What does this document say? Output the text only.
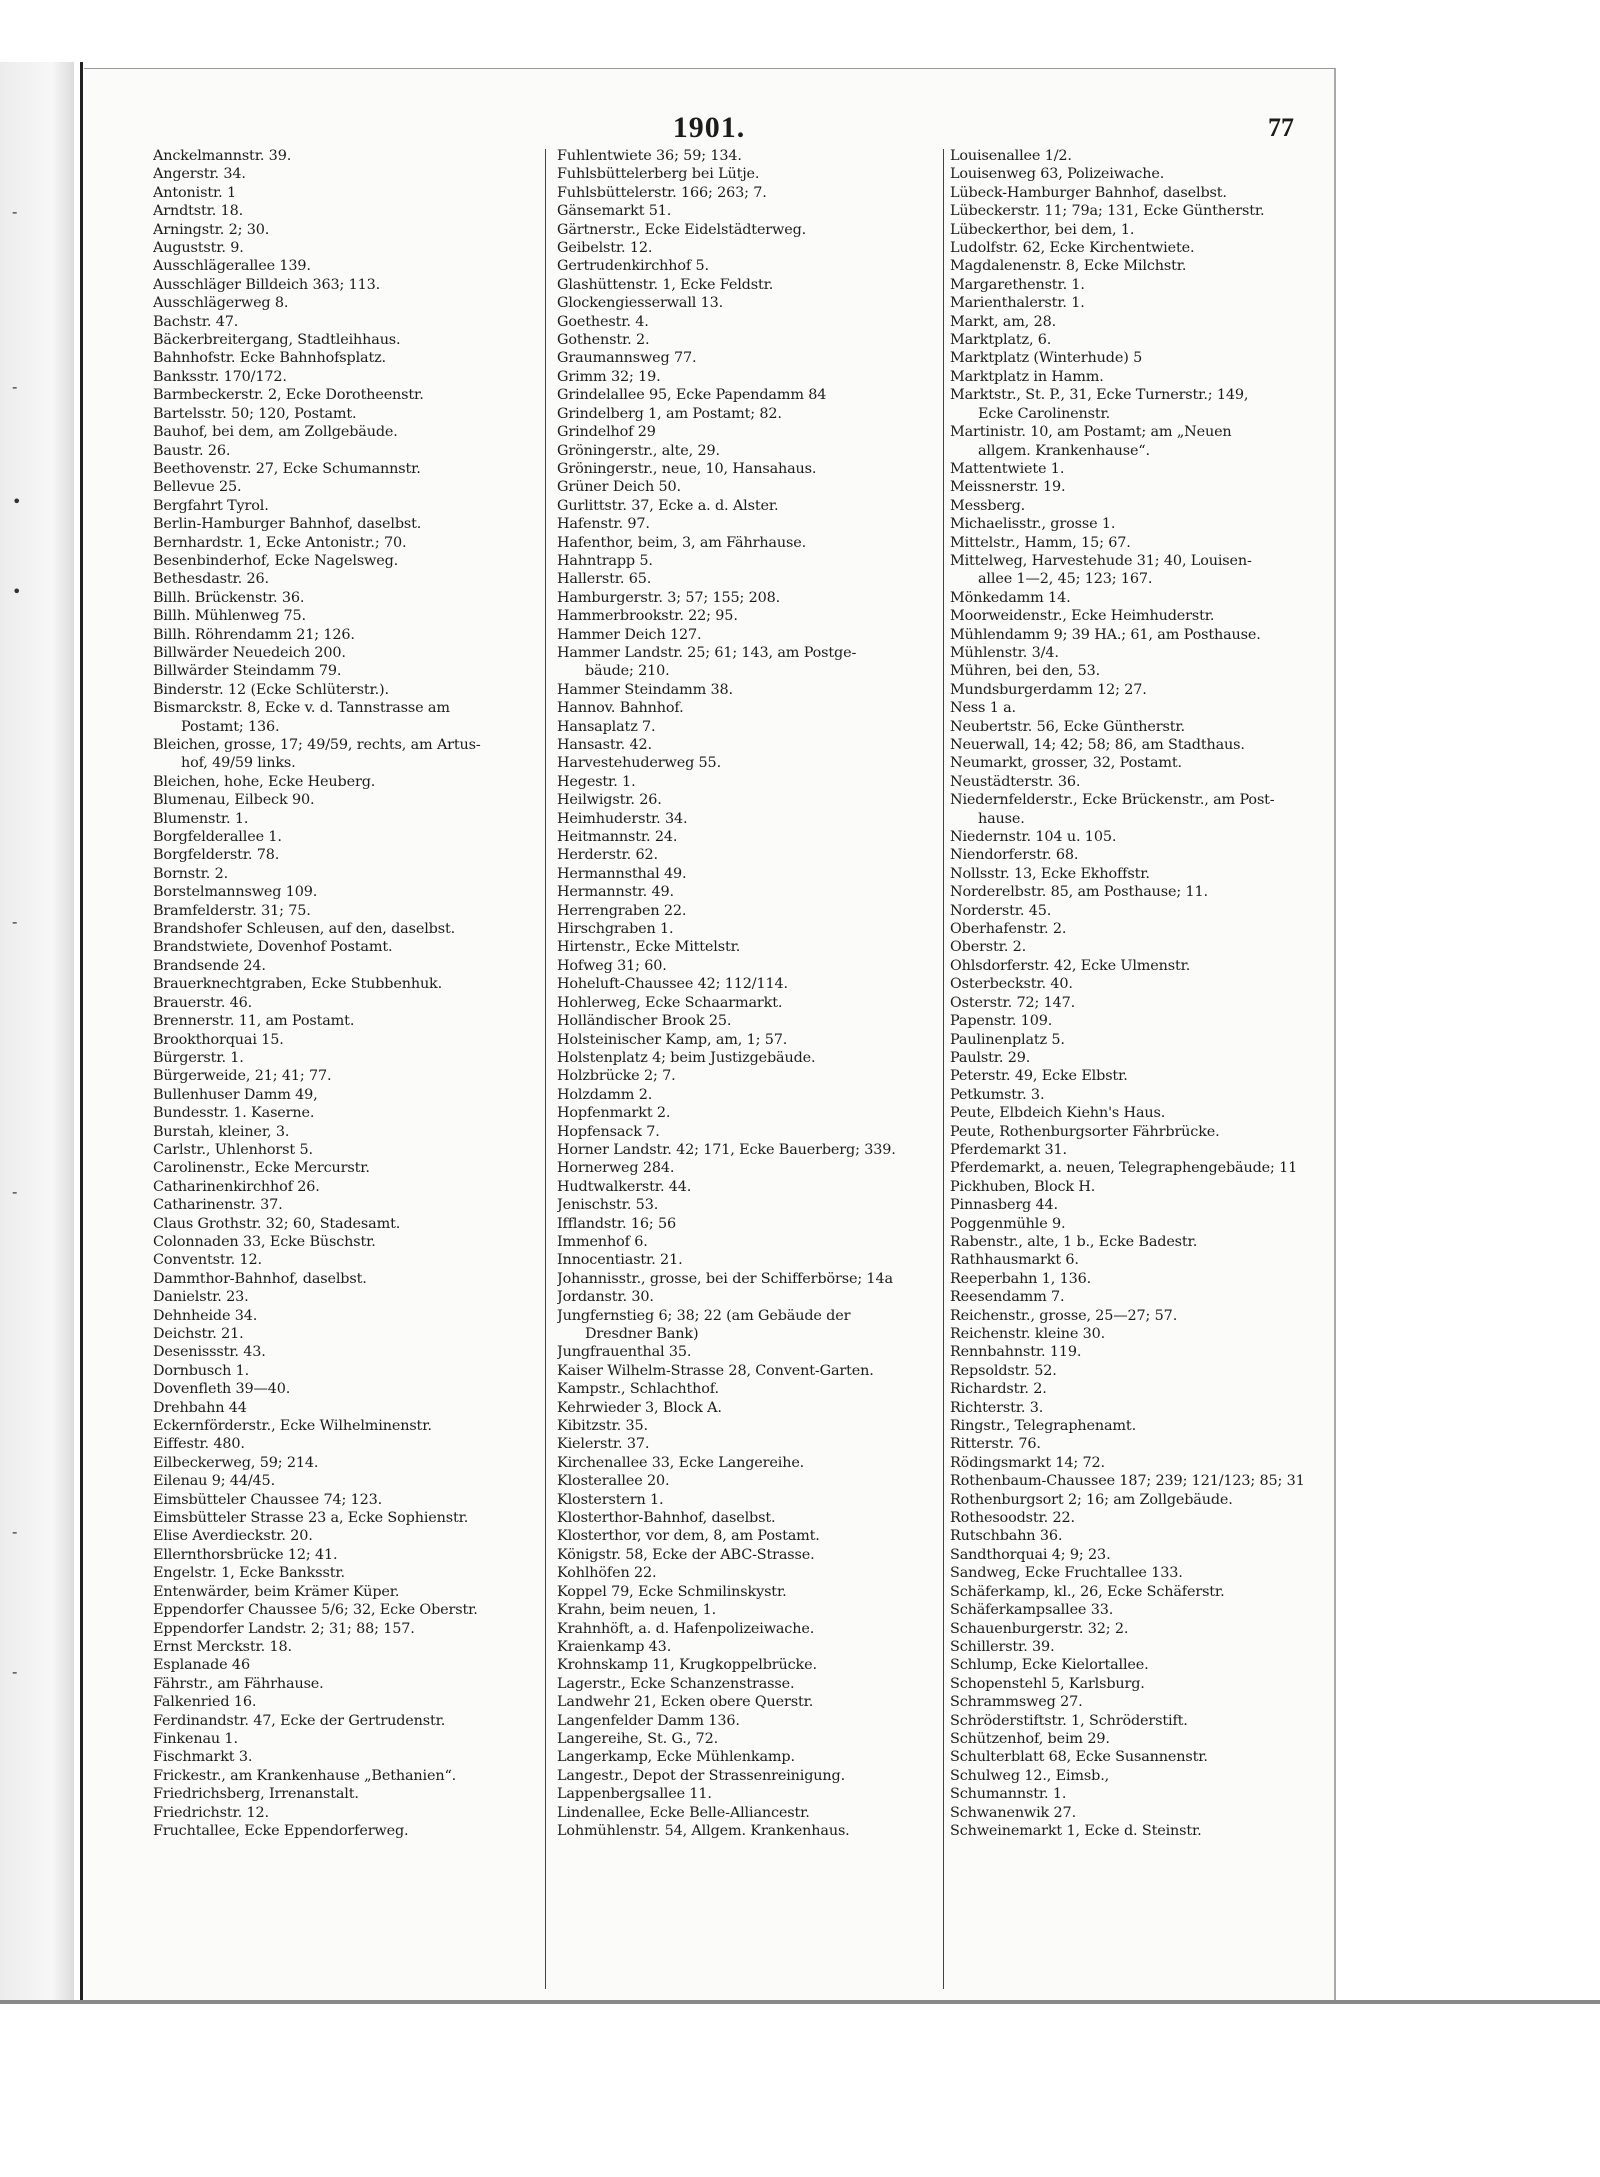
-
-
•
•
-
-
-
-
1901.	77
Anckelmannstr. 39.
Angerstr. 34.
Antonistr. 1
Arndtstr. 18.
Arningstr. 2; 30.
Auguststr. 9.
Ausschlägerallee 139.
Ausschläger Billdeich 363; 113.
Ausschlägerweg 8.
Bachstr. 47.
Bäckerbreitergang, Stadtleihhaus.
Bahnhofstr. Ecke Bahnhofsplatz.
Banksstr. 170/172.
Barmbeckerstr. 2, Ecke Dorotheenstr.
Bartelsstr. 50; 120, Postamt.
Bauhof, bei dem, am Zollgebäude.
Baustr. 26.
Beethovenstr. 27, Ecke Schumannstr.
Bellevue 25.
Bergfahrt Tyrol.
Berlin-Hamburger Bahnhof, daselbst.
Bernhardstr. 1, Ecke Antonistr.; 70.
Besenbinderhof, Ecke Nagelsweg.
Bethesdastr. 26.
Billh. Brückenstr. 36.
Billh. Mühlenweg 75.
Billh. Röhrendamm 21; 126.
Billwärder Neuedeich 200.
Billwärder Steindamm 79.
Binderstr. 12 (Ecke Schlüterstr.).
Bismarckstr. 8, Ecke v. d. Tannstrasse am
Postamt; 136.
Bleichen, grosse, 17; 49/59, rechts, am Artus-
hof, 49/59 links.
Bleichen, hohe, Ecke Heuberg.
Blumenau, Eilbeck 90.
Blumenstr. 1.
Borgfelderallee 1.
Borgfelderstr. 78.
Bornstr. 2.
Borstelmannsweg 109.
Bramfelderstr. 31; 75.
Brandshofer Schleusen, auf den, daselbst.
Brandstwiete, Dovenhof Postamt.
Brandsende 24.
Brauerknechtgraben, Ecke Stubbenhuk.
Brauerstr. 46.
Brennerstr. 11, am Postamt.
Brookthorquai 15.
Bürgerstr. 1.
Bürgerweide, 21; 41; 77.
Bullenhuser Damm 49,
Bundesstr. 1. Kaserne.
Burstah, kleiner, 3.
Carlstr., Uhlenhorst 5.
Carolinenstr., Ecke Mercurstr.
Catharinenkirchhof 26.
Catharinenstr. 37.
Claus Grothstr. 32; 60, Stadesamt.
Colonnaden 33, Ecke Büschstr.
Conventstr. 12.
Dammthor-Bahnhof, daselbst.
Danielstr. 23.
Dehnheide 34.
Deichstr. 21.
Desenissstr. 43.
Dornbusch 1.
Dovenfleth 39—40.
Drehbahn 44
Eckernförderstr., Ecke Wilhelminenstr.
Eiffestr. 480.
Eilbeckerweg, 59; 214.
Eilenau 9; 44/45.
Eimsbütteler Chaussee 74; 123.
Eimsbütteler Strasse 23 a, Ecke Sophienstr.
Elise Averdieckstr. 20.
Ellernthorsbrücke 12; 41.
Engelstr. 1, Ecke Banksstr.
Entenwärder, beim Krämer Küper.
Eppendorfer Chaussee 5/6; 32, Ecke Oberstr.
Eppendorfer Landstr. 2; 31; 88; 157.
Ernst Merckstr. 18.
Esplanade 46
Fährstr., am Fährhause.
Falkenried 16.
Ferdinandstr. 47, Ecke der Gertrudenstr.
Finkenau 1.
Fischmarkt 3.
Frickestr., am Krankenhause „Bethanien“.
Friedrichsberg, Irrenanstalt.
Friedrichstr. 12.
Fruchtallee, Ecke Eppendorferweg.
Fuhlentwiete 36; 59; 134.
Fuhlsbüttelerberg bei Lütje.
Fuhlsbüttelerstr. 166; 263; 7.
Gänsemarkt 51.
Gärtnerstr., Ecke Eidelstädterweg.
Geibelstr. 12.
Gertrudenkirchhof 5.
Glashüttenstr. 1, Ecke Feldstr.
Glockengiesserwall 13.
Goethestr. 4.
Gothenstr. 2.
Graumannsweg 77.
Grimm 32; 19.
Grindelallee 95, Ecke Papendamm 84
Grindelberg 1, am Postamt; 82.
Grindelhof 29
Gröningerstr., alte, 29.
Gröningerstr., neue, 10, Hansahaus.
Grüner Deich 50.
Gurlittstr. 37, Ecke a. d. Alster.
Hafenstr. 97.
Hafenthor, beim, 3, am Fährhause.
Hahntrapp 5.
Hallerstr. 65.
Hamburgerstr. 3; 57; 155; 208.
Hammerbrookstr. 22; 95.
Hammer Deich 127.
Hammer Landstr. 25; 61; 143, am Postge-
bäude; 210.
Hammer Steindamm 38.
Hannov. Bahnhof.
Hansaplatz 7.
Hansastr. 42.
Harvestehuderweg 55.
Hegestr. 1.
Heilwigstr. 26.
Heimhuderstr. 34.
Heitmannstr. 24.
Herderstr. 62.
Hermannsthal 49.
Hermannstr. 49.
Herrengraben 22.
Hirschgraben 1.
Hirtenstr., Ecke Mittelstr.
Hofweg 31; 60.
Hoheluft-Chaussee 42; 112/114.
Hohlerweg, Ecke Schaarmarkt.
Holländischer Brook 25.
Holsteinischer Kamp, am, 1; 57.
Holstenplatz 4; beim Justizgebäude.
Holzbrücke 2; 7.
Holzdamm 2.
Hopfenmarkt 2.
Hopfensack 7.
Horner Landstr. 42; 171, Ecke Bauerberg; 339.
Hornerweg 284.
Hudtwalkerstr. 44.
Jenischstr. 53.
Ifflandstr. 16; 56
Immenhof 6.
Innocentiastr. 21.
Johannisstr., grosse, bei der Schifferbörse; 14a
Jordanstr. 30.
Jungfernstieg 6; 38; 22 (am Gebäude der
Dresdner Bank)
Jungfrauenthal 35.
Kaiser Wilhelm-Strasse 28, Convent-Garten.
Kampstr., Schlachthof.
Kehrwieder 3, Block A.
Kibitzstr. 35.
Kielerstr. 37.
Kirchenallee 33, Ecke Langereihe.
Klosterallee 20.
Klosterstern 1.
Klosterthor-Bahnhof, daselbst.
Klosterthor, vor dem, 8, am Postamt.
Königstr. 58, Ecke der ABC-Strasse.
Kohlhöfen 22.
Koppel 79, Ecke Schmilinskystr.
Krahn, beim neuen, 1.
Krahnhöft, a. d. Hafenpolizeiwache.
Kraienkamp 43.
Krohnskamp 11, Krugkoppelbrücke.
Lagerstr., Ecke Schanzenstrasse.
Landwehr 21, Ecken obere Querstr.
Langenfelder Damm 136.
Langereihe, St. G., 72.
Langerkamp, Ecke Mühlenkamp.
Langestr., Depot der Strassenreinigung.
Lappenbergsallee 11.
Lindenallee, Ecke Belle-Alliancestr.
Lohmühlenstr. 54, Allgem. Krankenhaus.
Louisenallee 1/2.
Louisenweg 63, Polizeiwache.
Lübeck-Hamburger Bahnhof, daselbst.
Lübeckerstr. 11; 79a; 131, Ecke Güntherstr.
Lübeckerthor, bei dem, 1.
Ludolfstr. 62, Ecke Kirchentwiete.
Magdalenenstr. 8, Ecke Milchstr.
Margarethenstr. 1.
Marienthalerstr. 1.
Markt, am, 28.
Marktplatz, 6.
Marktplatz (Winterhude) 5
Marktplatz in Hamm.
Marktstr., St. P., 31, Ecke Turnerstr.; 149,
Ecke Carolinenstr.
Martinistr. 10, am Postamt; am „Neuen
allgem. Krankenhause“.
Mattentwiete 1.
Meissnerstr. 19.
Messberg.
Michaelisstr., grosse 1.
Mittelstr., Hamm, 15; 67.
Mittelweg, Harvestehude 31; 40, Louisen-
allee 1—2, 45; 123; 167.
Mönkedamm 14.
Moorweidenstr., Ecke Heimhuderstr.
Mühlendamm 9; 39 HA.; 61, am Posthause.
Mühlenstr. 3/4.
Mühren, bei den, 53.
Mundsburgerdamm 12; 27.
Ness 1 a.
Neubertstr. 56, Ecke Güntherstr.
Neuerwall, 14; 42; 58; 86, am Stadthaus.
Neumarkt, grosser, 32, Postamt.
Neustädterstr. 36.
Niedernfelderstr., Ecke Brückenstr., am Post-
hause.
Niedernstr. 104 u. 105.
Niendorferstr. 68.
Nollsstr. 13, Ecke Ekhoffstr.
Norderelbstr. 85, am Posthause; 11.
Norderstr. 45.
Oberhafenstr. 2.
Oberstr. 2.
Ohlsdorferstr. 42, Ecke Ulmenstr.
Osterbeckstr. 40.
Osterstr. 72; 147.
Papenstr. 109.
Paulinenplatz 5.
Paulstr. 29.
Peterstr. 49, Ecke Elbstr.
Petkumstr. 3.
Peute, Elbdeich Kiehn's Haus.
Peute, Rothenburgsorter Fährbrücke.
Pferdemarkt 31.
Pferdemarkt, a. neuen, Telegraphengebäude; 11
Pickhuben, Block H.
Pinnasberg 44.
Poggenmühle 9.
Rabenstr., alte, 1 b., Ecke Badestr.
Rathhausmarkt 6.
Reeperbahn 1, 136.
Reesendamm 7.
Reichenstr., grosse, 25—27; 57.
Reichenstr. kleine 30.
Rennbahnstr. 119.
Repsoldstr. 52.
Richardstr. 2.
Richterstr. 3.
Ringstr., Telegraphenamt.
Ritterstr. 76.
Rödingsmarkt 14; 72.
Rothenbaum-Chaussee 187; 239; 121/123; 85; 31
Rothenburgsort 2; 16; am Zollgebäude.
Rothesoodstr. 22.
Rutschbahn 36.
Sandthorquai 4; 9; 23.
Sandweg, Ecke Fruchtallee 133.
Schäferkamp, kl., 26, Ecke Schäferstr.
Schäferkampsallee 33.
Schauenburgerstr. 32; 2.
Schillerstr. 39.
Schlump, Ecke Kielortallee.
Schopenstehl 5, Karlsburg.
Schrammsweg 27.
Schröderstiftstr. 1, Schröderstift.
Schützenhof, beim 29.
Schulterblatt 68, Ecke Susannenstr.
Schulweg 12., Eimsb.,
Schumannstr. 1.
Schwanenwik 27.
Schweinemarkt 1, Ecke d. Steinstr.
